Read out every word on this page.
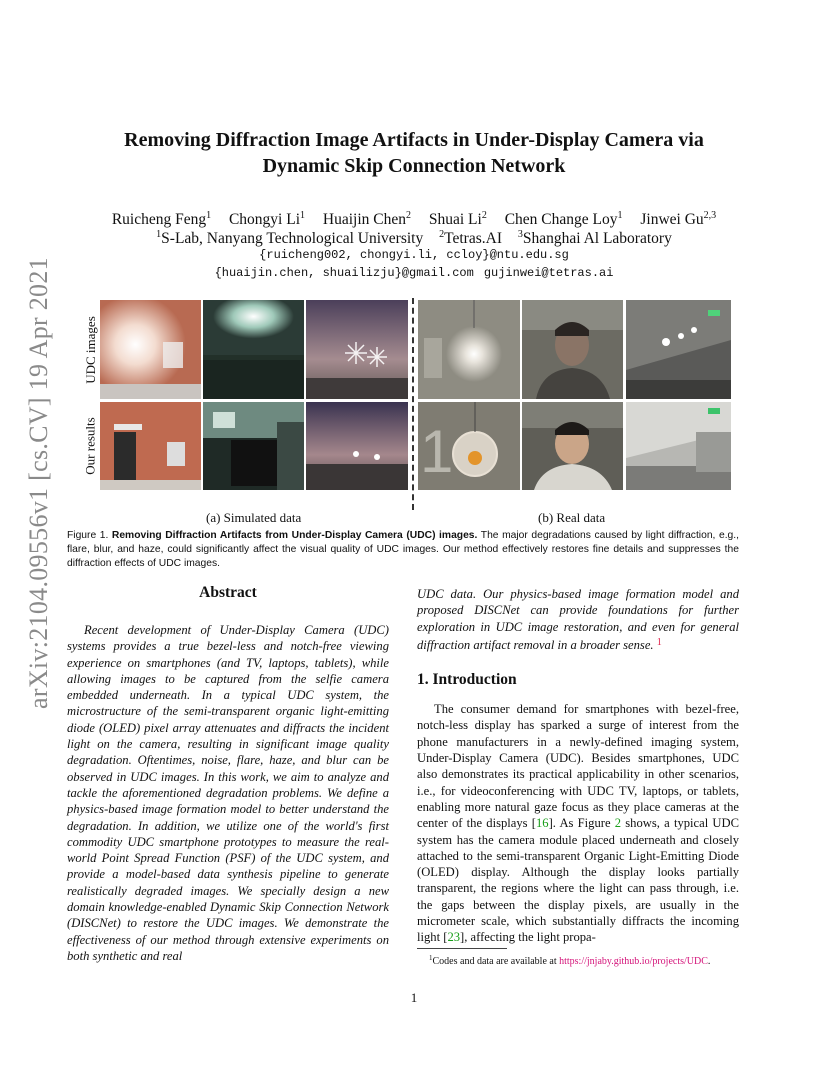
arXiv:2104.09556v1 [cs.CV] 19 Apr 2021
Removing Diffraction Image Artifacts in Under-Display Camera via
Dynamic Skip Connection Network
Ruicheng Feng$^1$ Chongyi Li$^1$ Huaijin Chen$^2$ Shuai Li$^2$ Chen Change Loy$^1$ Jinwei Gu$^{2,3}$
$^1$S-Lab, Nanyang Technological University $^2$Tetras.AI $^3$Shanghai Al Laboratory
{ruicheng002, chongyi.li, ccloy}@ntu.edu.sg
{huaijin.chen, shuailizju}@gmail.com gujinwei@tetras.ai
UDC images
Our results	1
(a) Simulated data	(b) Real data
Figure 1. Removing Diffraction Artifacts from Under-Display Camera (UDC) images. The major degradations caused by light diffraction, e.g., flare, blur, and haze, could significantly affect the visual quality of UDC images. Our method effectively restores fine details and suppresses the diffraction effects of UDC images.
Abstract

Recent development of Under-Display Camera (UDC) systems provides a true bezel-less and notch-free viewing experience on smartphones (and TV, laptops, tablets), while allowing images to be captured from the selfie camera embedded underneath. In a typical UDC system, the microstructure of the semi-transparent organic light-emitting diode (OLED) pixel array attenuates and diffracts the incident light on the camera, resulting in significant image quality degradation. Oftentimes, noise, flare, haze, and blur can be observed in UDC images. In this work, we aim to analyze and tackle the aforementioned degradation problems. We define a physics-based image formation model to better understand the degradation. In addition, we utilize one of the world's first commodity UDC smartphone prototypes to measure the real-world Point Spread Function (PSF) of the UDC system, and provide a model-based data synthesis pipeline to generate realistically degraded images. We specially design a new domain knowledge-enabled Dynamic Skip Connection Network (DISCNet) to restore the UDC images. We demonstrate the effectiveness of our method through extensive experiments on both synthetic and real

UDC data. Our physics-based image formation model and proposed DISCNet can provide foundations for further exploration in UDC image restoration, and even for general diffraction artifact removal in a broader sense. $^1$

1. Introduction

The consumer demand for smartphones with bezel-free, notch-less display has sparked a surge of interest from the phone manufacturers in a newly-defined imaging system, Under-Display Camera (UDC). Besides smartphones, UDC also demonstrates its practical applicability in other scenarios, i.e., for videoconferencing with UDC TV, laptops, or tablets, enabling more natural gaze focus as they place cameras at the center of the displays [16]. As Figure 2 shows, a typical UDC system has the camera module placed underneath and closely attached to the semi-transparent Organic Light-Emitting Diode (OLED) display. Although the display looks partially transparent, the regions where the light can pass through, i.e. the gaps between the display pixels, are usually in the micrometer scale, which substantially diffracts the incoming light [23], affecting the light propa-

$^1$Codes and data are available at https://jnjaby.github.io/projects/UDC.
1
